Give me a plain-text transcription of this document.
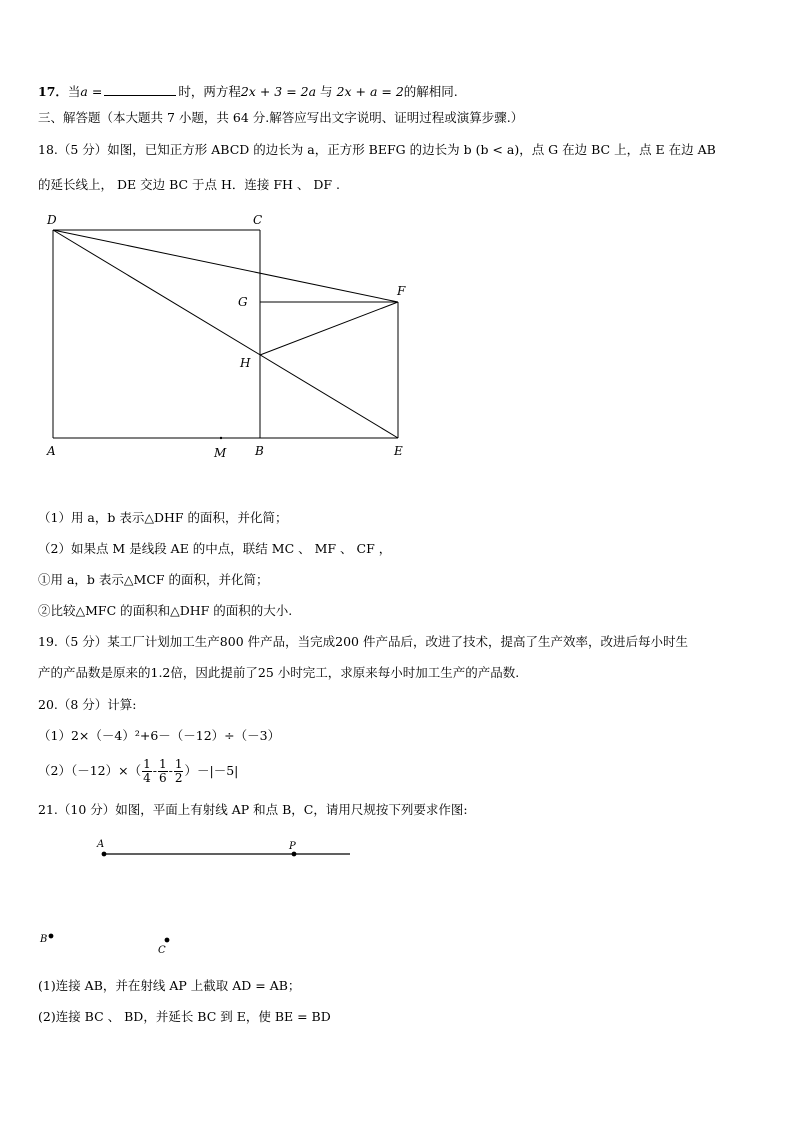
17．当a =	时，两方程2x + 3 = 2a 与 2x + a = 2的解相同.
三、解答题（本大题共 7 小题，共 64 分.解答应写出文字说明、证明过程或演算步骤.）
18.（5 分）如图，已知正方形 ABCD 的边长为 a，正方形 BEFG 的边长为 b (b < a)，点 G 在边 BC 上，点 E 在边 AB
的延长线上， DE 交边 BC 于点 H．连接 FH 、 DF .
D	C
G
F
H
A	M B	E
（1）用 a，b 表示△DHF 的面积，并化简；
（2）如果点 M 是线段 AE 的中点，联结 MC 、 MF 、 CF ，
①用 a，b 表示△MCF 的面积，并化简；
②比较△MFC 的面积和△DHF 的面积的大小.
19.（5 分）某工厂计划加工生产800 件产品，当完成200 件产品后，改进了技术，提高了生产效率，改进后每小时生
产的产品数是原来的1.2倍，因此提前了25 小时完工，求原来每小时加工生产的产品数.
20.（8 分）计算:
（1）2×（－4）²+6－（－12）÷（－3）
$(2)(-12)\times( \frac{1}{4} - \frac{1}{6} - \frac{1}{2} )-|-5|$
21.（10 分）如图，平面上有射线 AP 和点 B，C，请用尺规按下列要求作图:
A	P
B
C
(1)连接 AB，并在射线 AP 上截取 AD = AB；
(2)连接 BC 、 BD，并延长 BC 到 E，使 BE = BD
